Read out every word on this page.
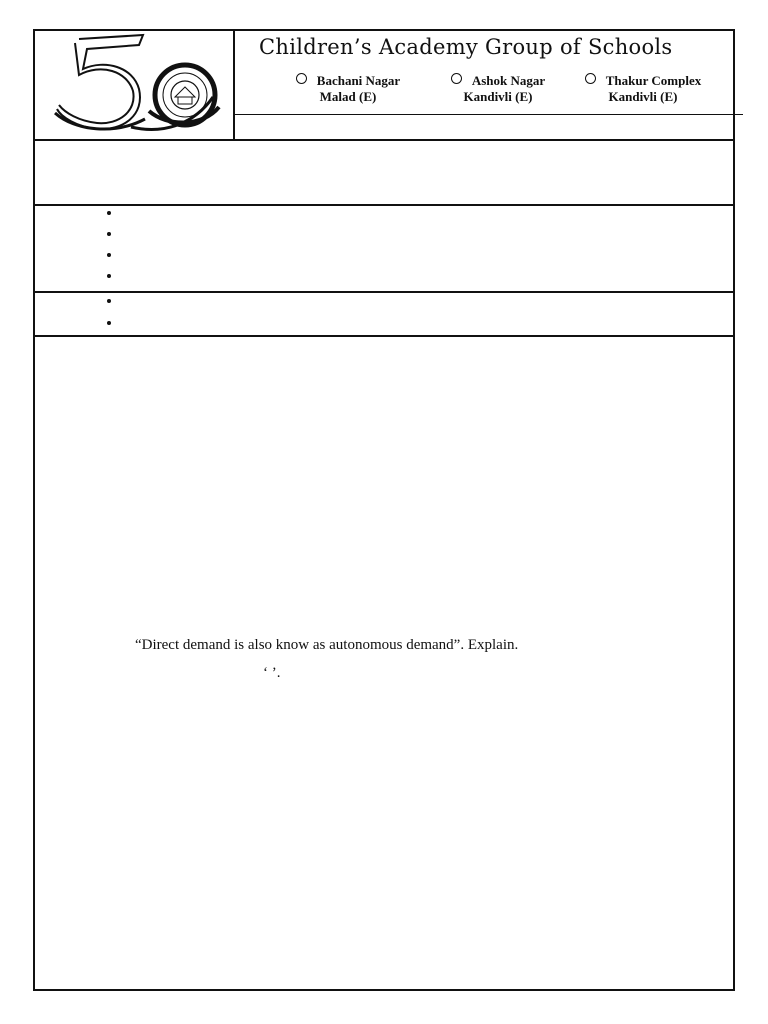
Children’s Academy Group of Schools
Bachani Nagar
Malad (E)
Ashok Nagar
Kandivli (E)
Thakur Complex
Kandivli (E)
“Direct demand is also know as autonomous demand”. Explain.
‘ ’.
